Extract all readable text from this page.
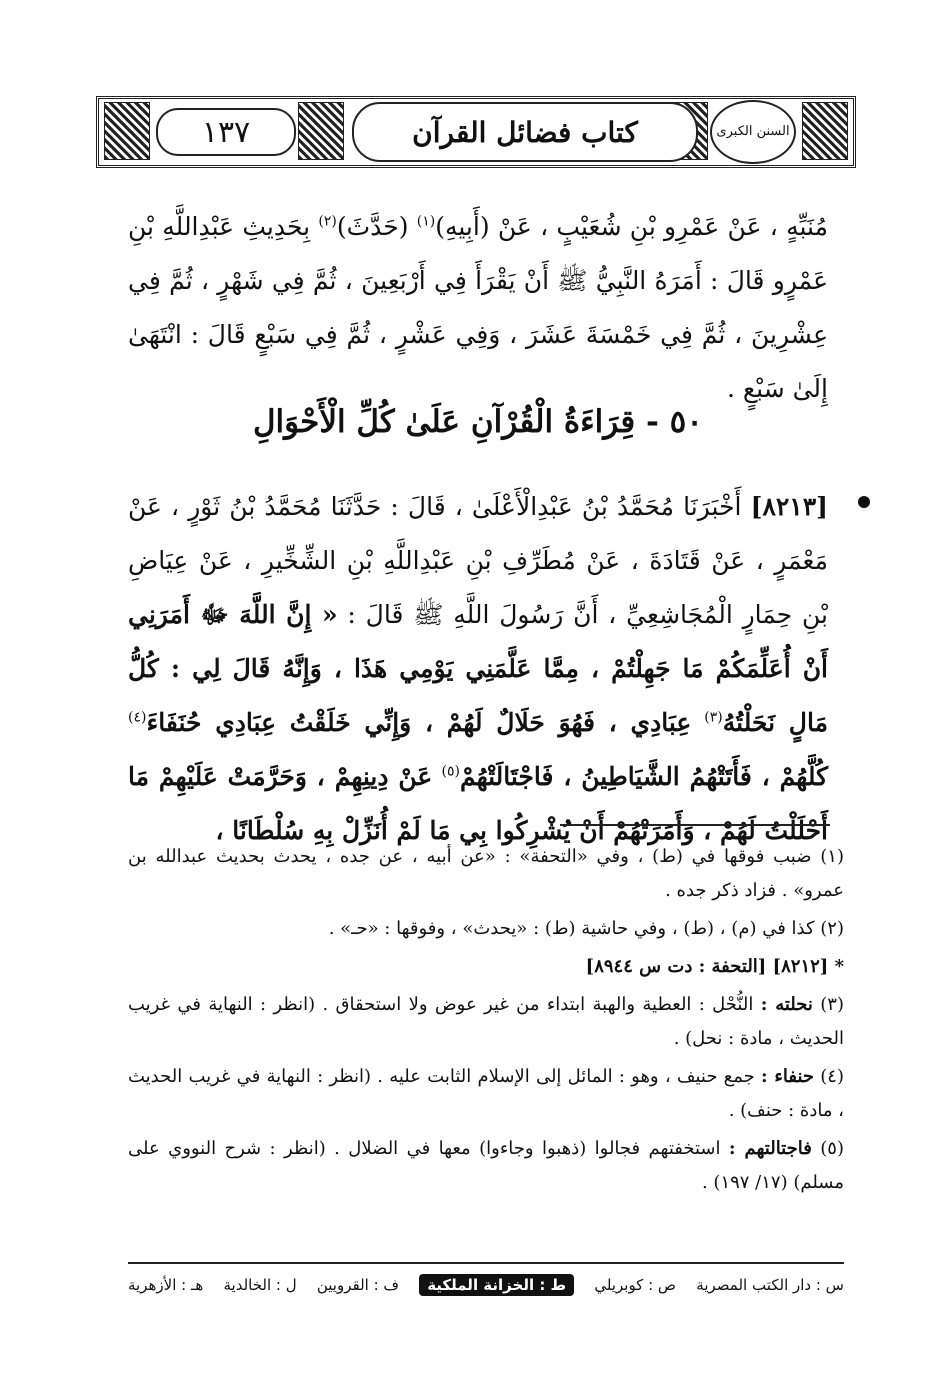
١٣٧	كتاب فضائل القرآن	السنن الكبرى
مُنَبِّهٍ ، عَنْ عَمْرِو بْنِ شُعَيْبٍ ، عَنْ (أَبِيهِ)$^{(١)}$ (حَدَّثَ)$^{(٢)}$ بِحَدِيثِ عَبْدِاللَّهِ بْنِ عَمْرٍو قَالَ : أَمَرَهُ النَّبِيُّ ﷺ أَنْ يَقْرَأَ فِي أَرْبَعِينَ ، ثُمَّ فِي شَهْرٍ ، ثُمَّ فِي عِشْرِينَ ، ثُمَّ فِي خَمْسَةَ عَشَرَ ، وَفِي عَشْرٍ ، ثُمَّ فِي سَبْعٍ قَالَ : انْتَهَىٰ إِلَىٰ سَبْعٍ .
٥٠ - قِرَاءَةُ الْقُرْآنِ عَلَىٰ كُلِّ الْأَحْوَالِ
[٨٢١٣] أَخْبَرَنَا مُحَمَّدُ بْنُ عَبْدِالْأَعْلَىٰ ، قَالَ : حَدَّثَنَا مُحَمَّدُ بْنُ ثَوْرٍ ، عَنْ مَعْمَرٍ ، عَنْ قَتَادَةَ ، عَنْ مُطَرِّفِ بْنِ عَبْدِاللَّهِ بْنِ الشِّخِّيرِ ، عَنْ عِيَاضِ بْنِ حِمَارٍ الْمُجَاشِعِيِّ ، أَنَّ رَسُولَ اللَّهِ ﷺ قَالَ : « إِنَّ اللَّهَ ﷻ أَمَرَنِي أَنْ أُعَلِّمَكُمْ مَا جَهِلْتُمْ ، مِمَّا عَلَّمَنِي يَوْمِي هَذَا ، وَإِنَّهُ قَالَ لِي : كُلُّ مَالٍ نَحَلْتُهُ$^{(٣)}$ عِبَادِي ، فَهُوَ حَلَالٌ لَهُمْ ، وَإِنِّي خَلَقْتُ عِبَادِي حُنَفَاءَ$^{(٤)}$ كُلَّهُمْ ، فَأَتَتْهُمُ الشَّيَاطِينُ ، فَاجْتَالَتْهُمْ$^{(٥)}$ عَنْ دِينِهِمْ ، وَحَرَّمَتْ عَلَيْهِمْ مَا أَحْلَلْتُ لَهُمْ ، وَأَمَرَتْهُمْ أَنْ يُشْرِكُوا بِي مَا لَمْ أُنَزِّلْ بِهِ سُلْطَانًا ،

(١) ضبب فوقها في (ط) ، وفي «التحفة» : «عن أبيه ، عن جده ، يحدث بحديث عبدالله بن عمرو» . فزاد ذكر جده .

(٢) كذا في (م) ، (ط) ، وفي حاشية (ط) : «يحدث» ، وفوقها : «حـ» .

* [٨٢١٢] [التحفة : دت س ٨٩٤٤]

(٣) نحلته : النُّحْل : العطية والهبة ابتداء من غير عوض ولا استحقاق . (انظر : النهاية في غريب الحديث ، مادة : نحل) .

(٤) حنفاء : جمع حنيف ، وهو : المائل إلى الإسلام الثابت عليه . (انظر : النهاية في غريب الحديث ، مادة : حنف) .

(٥) فاجتالتهم : استخفتهم فجالوا (ذهبوا وجاءوا) معها في الضلال . (انظر : شرح النووي على مسلم) (١٧/ ١٩٧) .

س : دار الكتب المصرية
ص : كوبريلي
ط : الخزانة الملكية
ف : القرويين
ل : الخالدية
هـ : الأزهرية
